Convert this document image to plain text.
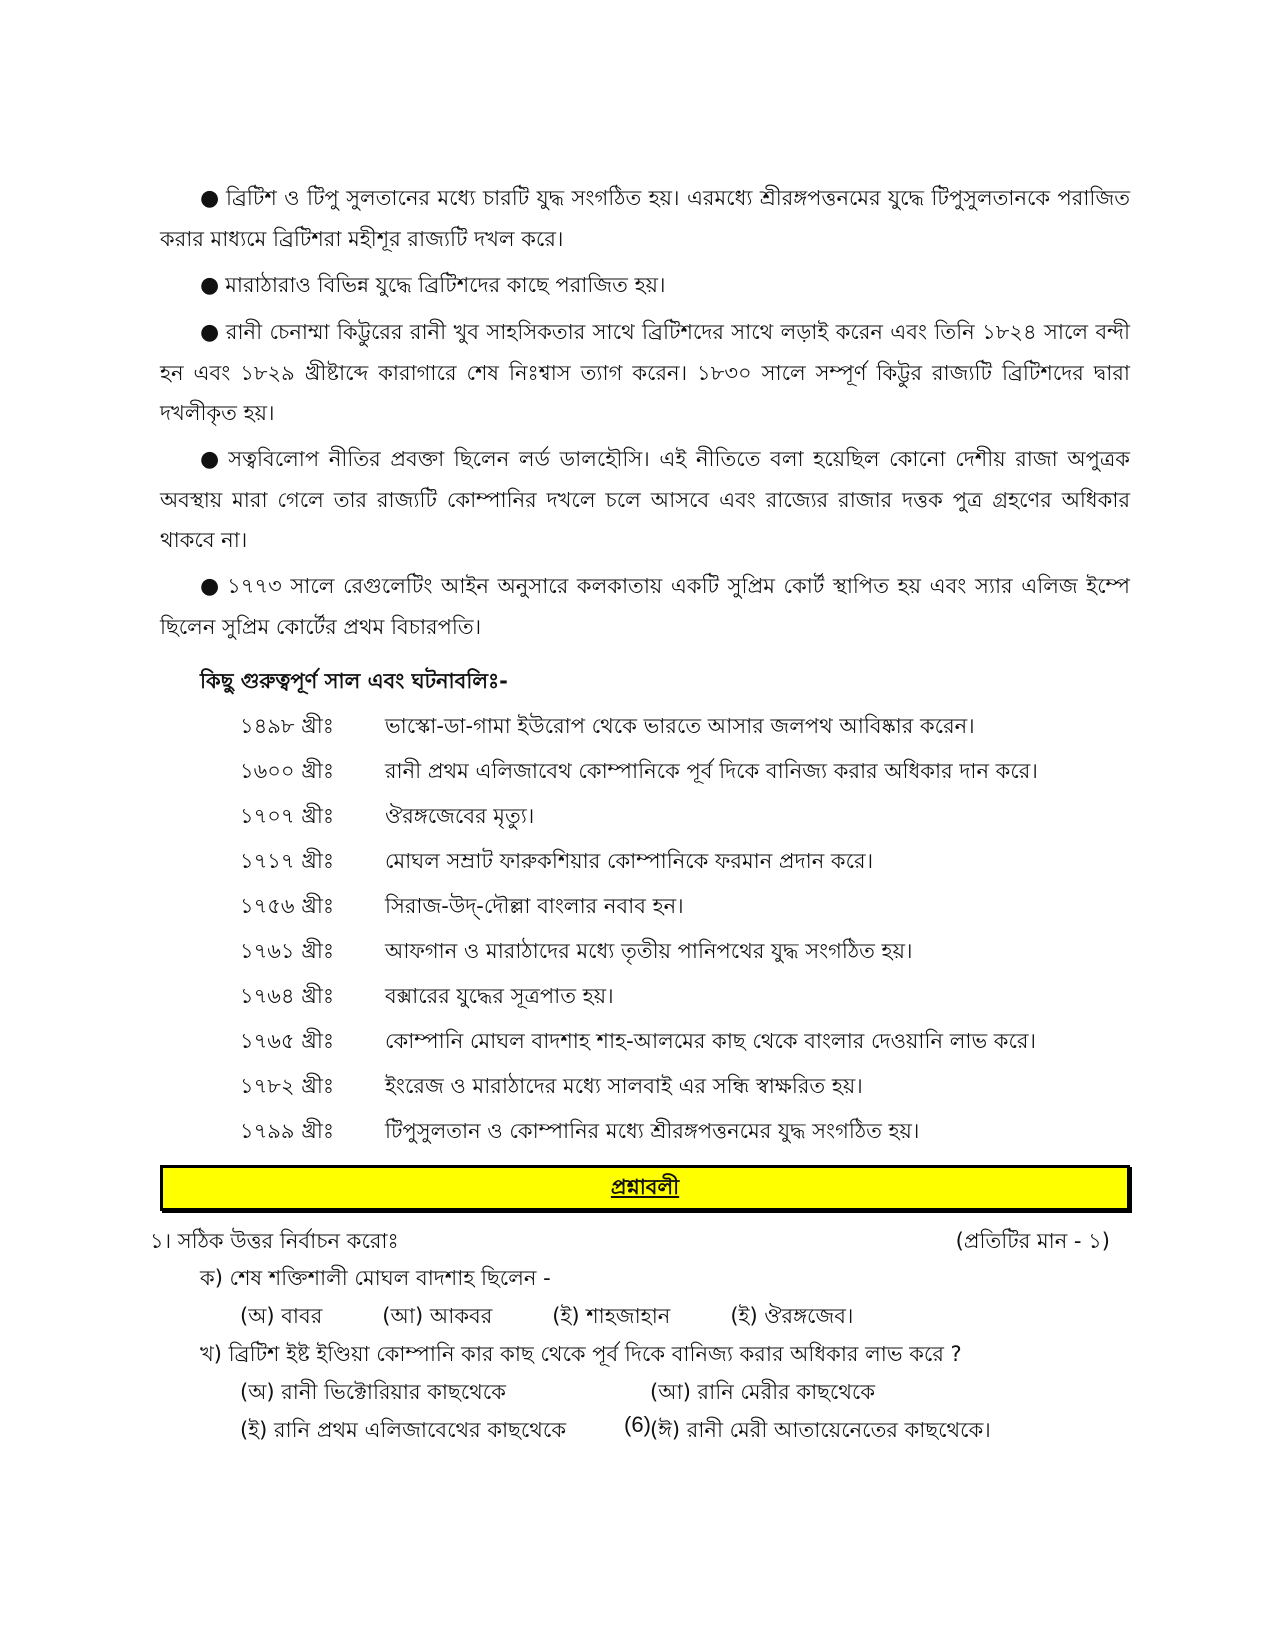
● ব্রিটিশ ও টিপু সুলতানের মধ্যে চারটি যুদ্ধ সংগঠিত হয়। এরমধ্যে শ্রীরঙ্গপত্তনমের যুদ্ধে টিপুসুলতানকে পরাজিত করার মাধ্যমে ব্রিটিশরা মহীশূর রাজ্যটি দখল করে।

● মারাঠারাও বিভিন্ন যুদ্ধে ব্রিটিশদের কাছে পরাজিত হয়।

● রানী চেনাম্মা কিট্টুরের রানী খুব সাহসিকতার সাথে ব্রিটিশদের সাথে লড়াই করেন এবং তিনি ১৮২৪ সালে বন্দী হন এবং ১৮২৯ খ্রীষ্টাব্দে কারাগারে শেষ নিঃশ্বাস ত্যাগ করেন। ১৮৩০ সালে সম্পূর্ণ কিট্টুর রাজ্যটি ব্রিটিশদের দ্বারা দখলীকৃত হয়।

● সত্ববিলোপ নীতির প্রবক্তা ছিলেন লর্ড ডালহৌসি। এই নীতিতে বলা হয়েছিল কোনো দেশীয় রাজা অপুত্রক অবস্থায় মারা গেলে তার রাজ্যটি কোম্পানির দখলে চলে আসবে এবং রাজ্যের রাজার দত্তক পুত্র গ্রহণের অধিকার থাকবে না।

● ১৭৭৩ সালে রেগুলেটিং আইন অনুসারে কলকাতায় একটি সুপ্রিম কোর্ট স্থাপিত হয় এবং স্যার এলিজ ইম্পে ছিলেন সুপ্রিম কোর্টের প্রথম বিচারপতি।

কিছু গুরুত্বপূর্ণ সাল এবং ঘটনাবলিঃ-
১৪৯৮ খ্রীঃ	ভাস্কো-ডা-গামা ইউরোপ থেকে ভারতে আসার জলপথ আবিষ্কার করেন।
১৬০০ খ্রীঃ	রানী প্রথম এলিজাবেথ কোম্পানিকে পূর্ব দিকে বানিজ্য করার অধিকার দান করে।
১৭০৭ খ্রীঃ	ঔরঙ্গজেবের মৃত্যু।
১৭১৭ খ্রীঃ	মোঘল সম্রাট ফারুকশিয়ার কোম্পানিকে ফরমান প্রদান করে।
১৭৫৬ খ্রীঃ	সিরাজ-উদ্-দৌল্লা বাংলার নবাব হন।
১৭৬১ খ্রীঃ	আফগান ও মারাঠাদের মধ্যে তৃতীয় পানিপথের যুদ্ধ সংগঠিত হয়।
১৭৬৪ খ্রীঃ	বক্সারের যুদ্ধের সূত্রপাত হয়।
১৭৬৫ খ্রীঃ	কোম্পানি মোঘল বাদশাহ শাহ-আলমের কাছ থেকে বাংলার দেওয়ানি লাভ করে।
১৭৮২ খ্রীঃ	ইংরেজ ও মারাঠাদের মধ্যে সালবাই এর সন্ধি স্বাক্ষরিত হয়।
১৭৯৯ খ্রীঃ	টিপুসুলতান ও কোম্পানির মধ্যে শ্রীরঙ্গপত্তনমের যুদ্ধ সংগঠিত হয়।
প্রশ্নাবলী
১। সঠিক উত্তর নির্বাচন করোঃ	(প্রতিটির মান - ১)
ক) শেষ শক্তিশালী মোঘল বাদশাহ ছিলেন -
(অ) বাবর	(আ) আকবর	(ই) শাহজাহান	(ই) ঔরঙ্গজেব।
খ) ব্রিটিশ ইষ্ট ইণ্ডিয়া কোম্পানি কার কাছ থেকে পূর্ব দিকে বানিজ্য করার অধিকার লাভ করে ?
(অ) রানী ভিক্টোরিয়ার কাছথেকে	(আ) রানি মেরীর কাছথেকে
(ই) রানি প্রথম এলিজাবেথের কাছথেকে	(ঈ) রানী মেরী আতায়েনেতের কাছথেকে।
(6)
